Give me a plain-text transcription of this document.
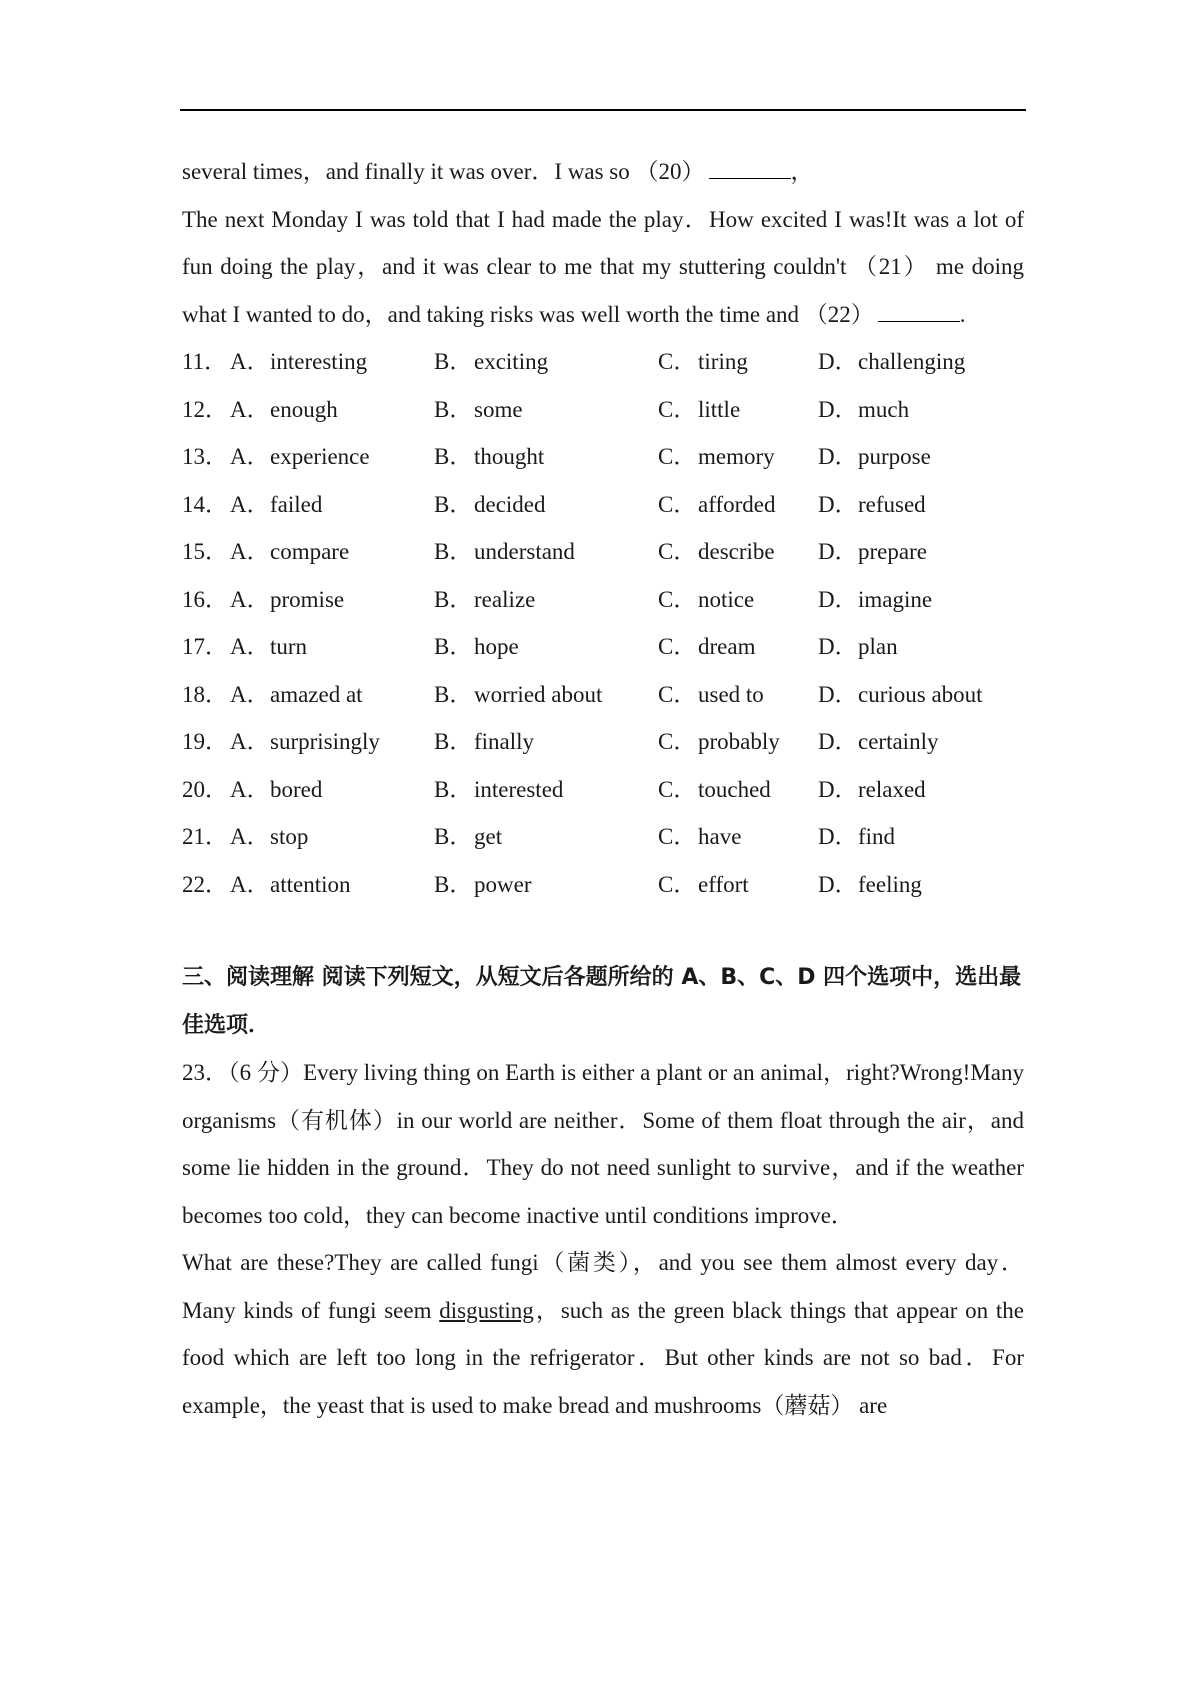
several times，and finally it was over．I was so （20）	，
The next Monday I was told that I had made the play．How excited I was!It was a lot of fun doing the play，and it was clear to me that my stuttering couldn't （21） me doing what I wanted to do，and taking risks was well worth the time and （22）	.
11． A．interesting	B．exciting	C．tiring	D．challenging
12． A．enough	B．some	C．little	D．much
13． A．experience	B．thought	C．memory	D．purpose
14． A．failed	B．decided	C．afforded	D．refused
15． A．compare	B．understand	C．describe	D．prepare
16． A．promise	B．realize	C．notice	D．imagine
17． A．turn	B．hope	C．dream	D．plan
18． A．amazed at	B．worried about	C．used to	D．curious about
19． A．surprisingly	B．finally	C．probably	D．certainly
20． A．bored	B．interested	C．touched	D．relaxed
21． A．stop	B．get	C．have	D．find
22． A．attention	B．power	C．effort	D．feeling
三、阅读理解 阅读下列短文，从短文后各题所给的 A、B、C、D 四个选项中，选出最佳选项．
23．（6 分）Every living thing on Earth is either a plant or an animal，right?Wrong!Many organisms（有机体）in our world are neither．Some of them float through the air，and some lie hidden in the ground．They do not need sunlight to survive，and if the weather becomes too cold，they can become inactive until conditions improve．
What are these?They are called fungi（菌类），and you see them almost every day．Many kinds of fungi seem disgusting，such as the green black things that appear on the food which are left too long in the refrigerator．But other kinds are not so bad．For example，the yeast that is used to make bread and mushrooms（蘑菇） are
